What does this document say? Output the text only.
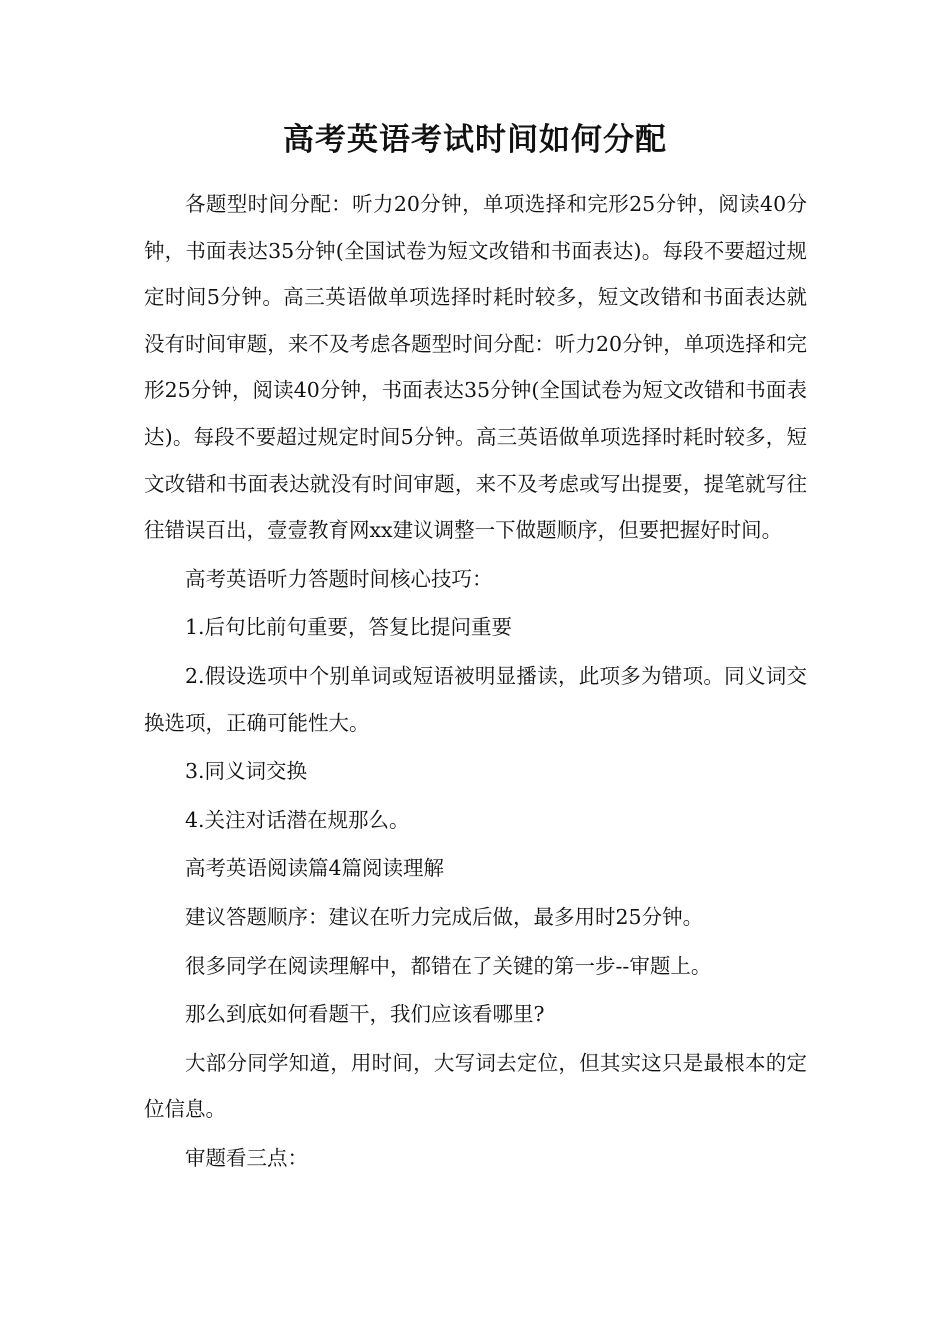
高考英语考试时间如何分配

各题型时间分配：听力20分钟，单项选择和完形25分钟，阅读40分钟，书面表达35分钟(全国试卷为短文改错和书面表达)。每段不要超过规定时间5分钟。高三英语做单项选择时耗时较多，短文改错和书面表达就没有时间审题，来不及考虑各题型时间分配：听力20分钟，单项选择和完形25分钟，阅读40分钟，书面表达35分钟(全国试卷为短文改错和书面表达)。每段不要超过规定时间5分钟。高三英语做单项选择时耗时较多，短文改错和书面表达就没有时间审题，来不及考虑或写出提要，提笔就写往往错误百出，壹壹教育网xx建议调整一下做题顺序，但要把握好时间。

高考英语听力答题时间核心技巧：

1.后句比前句重要，答复比提问重要

2.假设选项中个别单词或短语被明显播读，此项多为错项。同义词交换选项，正确可能性大。

3.同义词交换

4.关注对话潜在规那么。

高考英语阅读篇4篇阅读理解

建议答题顺序：建议在听力完成后做，最多用时25分钟。

很多同学在阅读理解中，都错在了关键的第一步--审题上。

那么到底如何看题干，我们应该看哪里?

大部分同学知道，用时间，大写词去定位，但其实这只是最根本的定位信息。

审题看三点：
